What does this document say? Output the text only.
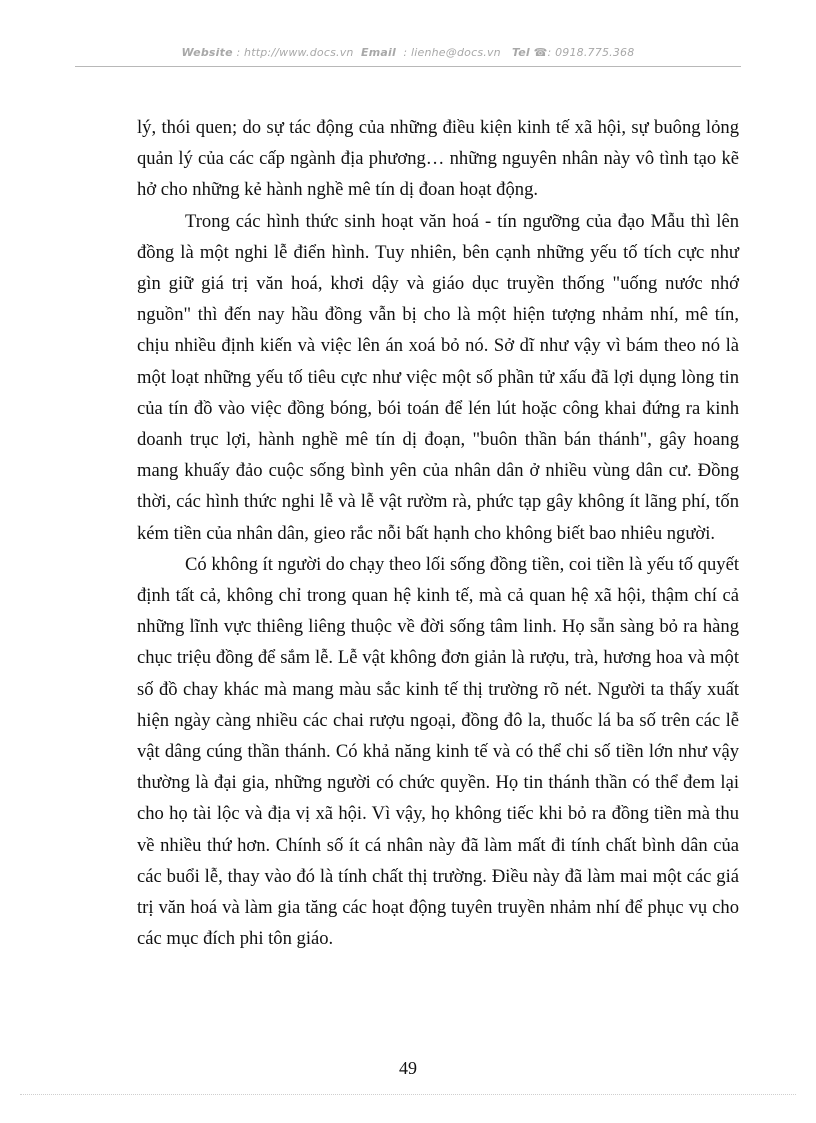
Website : http://www.docs.vn Email : lienhe@docs.vn Tel ☎: 0918.775.368

lý, thói quen; do sự tác động của những điều kiện kinh tế xã hội, sự buông lỏng quản lý của các cấp ngành địa phương… những nguyên nhân này vô tình tạo kẽ hở cho những kẻ hành nghề mê tín dị đoan hoạt động.

Trong các hình thức sinh hoạt văn hoá - tín ngưỡng của đạo Mẫu thì lên đồng là một nghi lễ điển hình. Tuy nhiên, bên cạnh những yếu tố tích cực như gìn giữ giá trị văn hoá, khơi dậy và giáo dục truyền thống "uống nước nhớ nguồn" thì đến nay hầu đồng vẫn bị cho là một hiện tượng nhảm nhí, mê tín, chịu nhiều định kiến và việc lên án xoá bỏ nó. Sở dĩ như vậy vì bám theo nó là một loạt những yếu tố tiêu cực như việc một số phần tử xấu đã lợi dụng lòng tin của tín đồ vào việc đồng bóng, bói toán để lén lút hoặc công khai đứng ra kinh doanh trục lợi, hành nghề mê tín dị đoạn, "buôn thần bán thánh", gây hoang mang khuấy đảo cuộc sống bình yên của nhân dân ở nhiều vùng dân cư. Đồng thời, các hình thức nghi lễ và lễ vật rườm rà, phức tạp gây không ít lãng phí, tốn kém tiền của nhân dân, gieo rắc nỗi bất hạnh cho không biết bao nhiêu người.

Có không ít người do chạy theo lối sống đồng tiền, coi tiền là yếu tố quyết định tất cả, không chỉ trong quan hệ kinh tế, mà cả quan hệ xã hội, thậm chí cả những lĩnh vực thiêng liêng thuộc về đời sống tâm linh. Họ sẵn sàng bỏ ra hàng chục triệu đồng để sắm lễ. Lễ vật không đơn giản là rượu, trà, hương hoa và một số đồ chay khác mà mang màu sắc kinh tế thị trường rõ nét. Người ta thấy xuất hiện ngày càng nhiều các chai rượu ngoại, đồng đô la, thuốc lá ba số trên các lễ vật dâng cúng thần thánh. Có khả năng kinh tế và có thể chi số tiền lớn như vậy thường là đại gia, những người có chức quyền. Họ tin thánh thần có thể đem lại cho họ tài lộc và địa vị xã hội. Vì vậy, họ không tiếc khi bỏ ra đồng tiền mà thu về nhiều thứ hơn. Chính số ít cá nhân này đã làm mất đi tính chất bình dân của các buổi lễ, thay vào đó là tính chất thị trường. Điều này đã làm mai một các giá trị văn hoá và làm gia tăng các hoạt động tuyên truyền nhảm nhí để phục vụ cho các mục đích phi tôn giáo.

49
